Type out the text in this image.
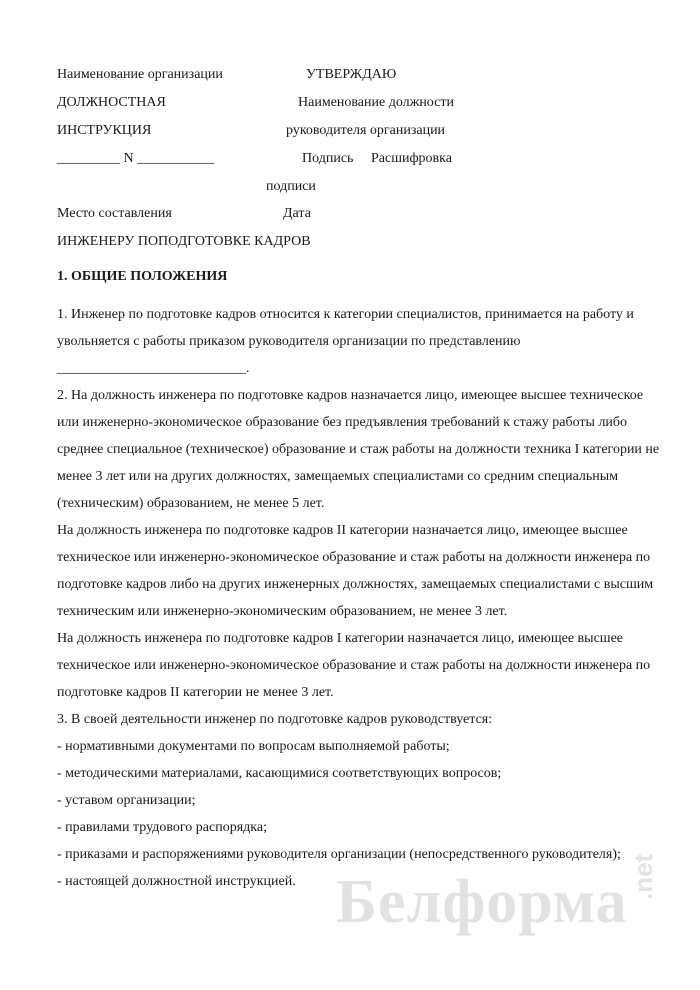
Наименование организации	УТВЕРЖДАЮ
ДОЛЖНОСТНАЯ	Наименование должности
ИНСТРУКЦИЯ	руководителя организации
_________ N ___________	Подпись Расшифровка
подписи
Место составления	Дата
ИНЖЕНЕРУ ПОПОДГОТОВКЕ КАДРОВ
1. ОБЩИЕ ПОЛОЖЕНИЯ
1. Инженер по подготовке кадров относится к категории специалистов, принимается на работу и
увольняется с работы приказом руководителя организации по представлению
___________________________.
2. На должность инженера по подготовке кадров назначается лицо, имеющее высшее техническое
или инженерно-экономическое образование без предъявления требований к стажу работы либо
среднее специальное (техническое) образование и стаж работы на должности техника I категории не
менее 3 лет или на других должностях, замещаемых специалистами со средним специальным
(техническим) образованием, не менее 5 лет.
На должность инженера по подготовке кадров II категории назначается лицо, имеющее высшее
техническое или инженерно-экономическое образование и стаж работы на должности инженера по
подготовке кадров либо на других инженерных должностях, замещаемых специалистами с высшим
техническим или инженерно-экономическим образованием, не менее 3 лет.
На должность инженера по подготовке кадров I категории назначается лицо, имеющее высшее
техническое или инженерно-экономическое образование и стаж работы на должности инженера по
подготовке кадров II категории не менее 3 лет.
3. В своей деятельности инженер по подготовке кадров руководствуется:
- нормативными документами по вопросам выполняемой работы;
- методическими материалами, касающимися соответствующих вопросов;
- уставом организации;
- правилами трудового распорядка;
- приказами и распоряжениями руководителя организации (непосредственного руководителя);
- настоящей должностной инструкцией. Белформа .net
